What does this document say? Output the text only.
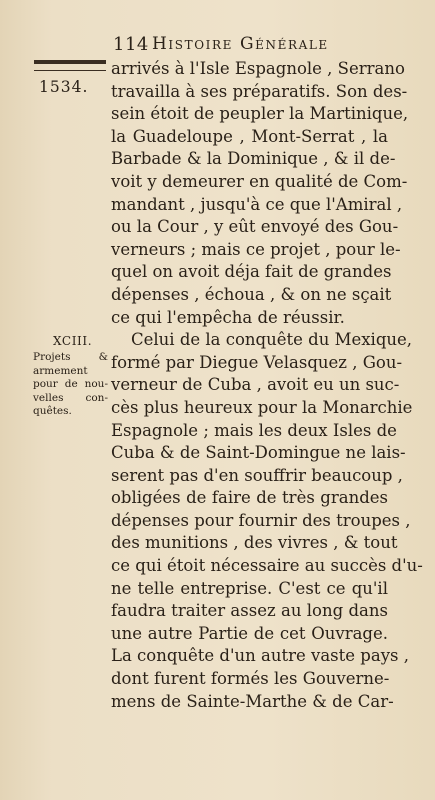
114 Histoire Générale
1534.
XCIII.
Projets &
armement
pour de nou-
velles con-
quêtes.
arrivés à l'Isle Espagnole , Serrano
travailla à ses préparatifs. Son des-
sein étoit de peupler la Martinique,
la Guadeloupe , Mont-Serrat , la
Barbade & la Dominique , & il de-
voit y demeurer en qualité de Com-
mandant , jusqu'à ce que l'Amiral ,
ou la Cour , y eût envoyé des Gou-
verneurs ; mais ce projet , pour le-
quel on avoit déja fait de grandes
dépenses , échoua , & on ne sçait
ce qui l'empêcha de réussir.
Celui de la conquête du Mexique,
formé par Diegue Velasquez , Gou-
verneur de Cuba , avoit eu un suc-
cès plus heureux pour la Monarchie
Espagnole ; mais les deux Isles de
Cuba & de Saint-Domingue ne lais-
serent pas d'en souffrir beaucoup ,
obligées de faire de très grandes
dépenses pour fournir des troupes ,
des munitions , des vivres , & tout
ce qui étoit nécessaire au succès d'u-
ne telle entreprise. C'est ce qu'il
faudra traiter assez au long dans
une autre Partie de cet Ouvrage.
La conquête d'un autre vaste pays ,
dont furent formés les Gouverne-
mens de Sainte-Marthe & de Car-
